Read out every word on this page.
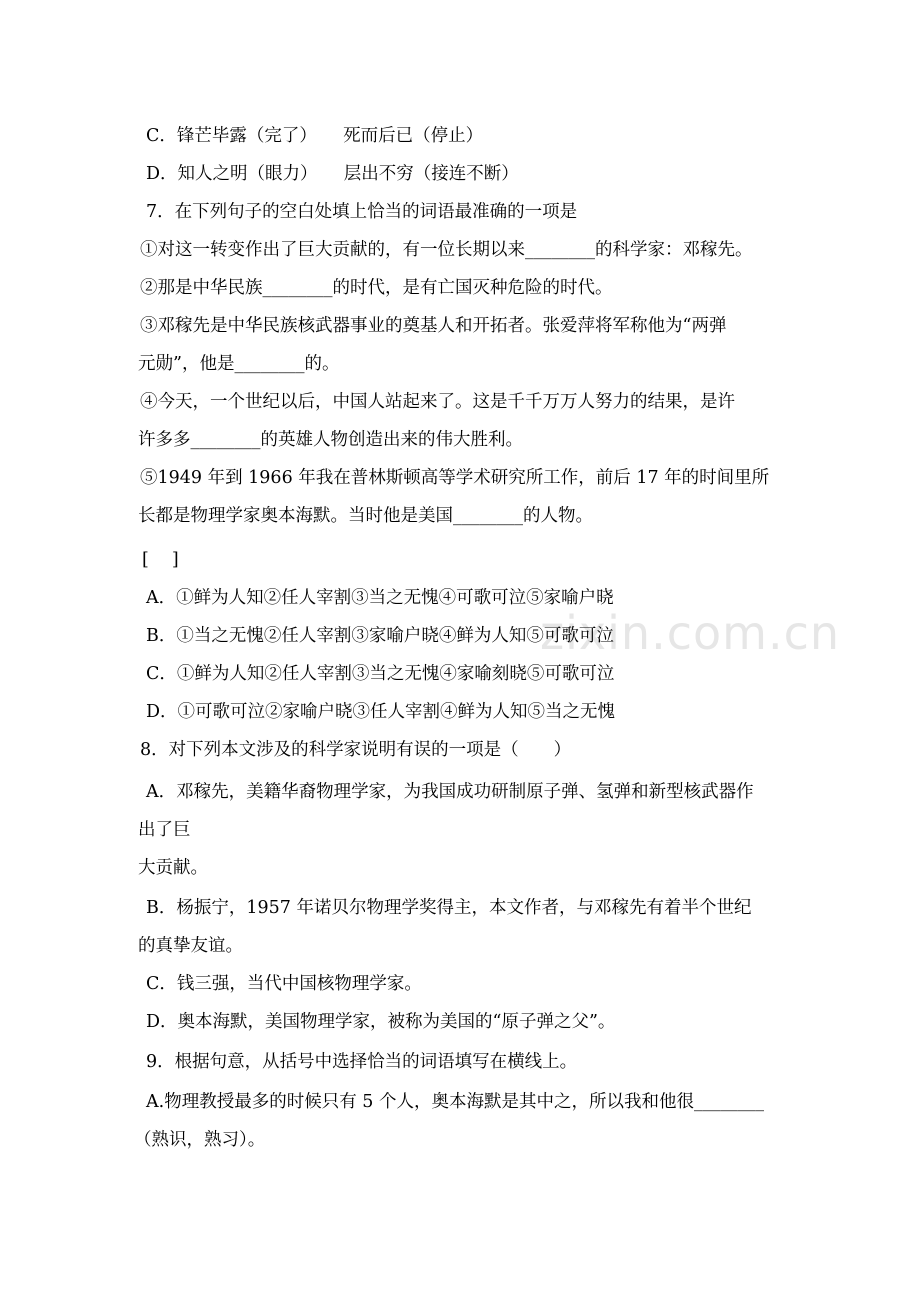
zixin.com.cn
C．锋芒毕露（完了）　　死而后已（停止）
D．知人之明（眼力）　　层出不穷（接连不断）
7．在下列句子的空白处填上恰当的词语最准确的一项是
①对这一转变作出了巨大贡献的，有一位长期以来________的科学家：邓稼先。
②那是中华民族________的时代，是有亡国灭种危险的时代。
③邓稼先是中华民族核武器事业的奠基人和开拓者。张爱萍将军称他为“两弹
元勋”，他是________的。
④今天，一个世纪以后，中国人站起来了。这是千千万万人努力的结果，是许
许多多________的英雄人物创造出来的伟大胜利。
⑤1949 年到 1966 年我在普林斯顿高等学术研究所工作，前后 17 年的时间里所
长都是物理学家奥本海默。当时他是美国________的人物。
[　 ]
A．①鲜为人知②任人宰割③当之无愧④可歌可泣⑤家喻户晓
B．①当之无愧②任人宰割③家喻户晓④鲜为人知⑤可歌可泣
C．①鲜为人知②任人宰割③当之无愧④家喻刻晓⑤可歌可泣
D．①可歌可泣②家喻户晓③任人宰割④鲜为人知⑤当之无愧
8．对下列本文涉及的科学家说明有误的一项是（　　）
A．邓稼先，美籍华裔物理学家，为我国成功研制原子弹、氢弹和新型核武器作
出了巨
大贡献。
B．杨振宁，1957 年诺贝尔物理学奖得主，本文作者，与邓稼先有着半个世纪
的真挚友谊。
C．钱三强，当代中国核物理学家。
D．奥本海默，美国物理学家，被称为美国的“原子弹之父”。
9．根据句意，从括号中选择恰当的词语填写在横线上。
A.物理教授最多的时候只有 5 个人，奥本海默是其中之，所以我和他很________
（熟识，熟习）。
